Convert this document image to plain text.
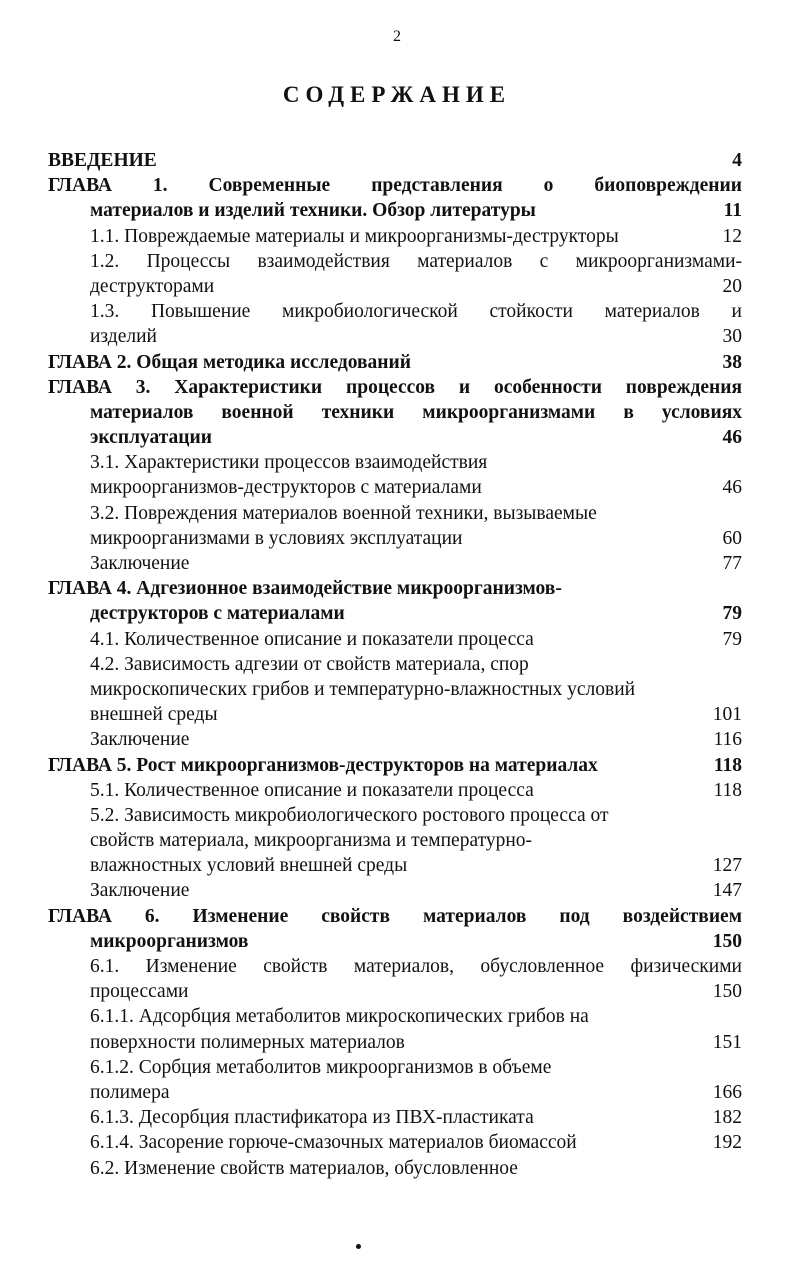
2
СОДЕРЖАНИЕ
ВВЕДЕНИЕ	4
ГЛАВА 1. Современные представления о биоповреждении
материалов и изделий техники. Обзор литературы	11
1.1. Повреждаемые материалы и микроорганизмы-деструкторы	12
1.2. Процессы взаимодействия материалов с микроорганизмами-
деструкторами	20
1.3. Повышение микробиологической стойкости материалов и
изделий	30
ГЛАВА 2. Общая методика исследований	38
ГЛАВА 3. Характеристики процессов и особенности повреждения
материалов военной техники микроорганизмами в условиях
эксплуатации	46
3.1. Характеристики процессов взаимодействия
микроорганизмов-деструкторов с материалами	46
3.2. Повреждения материалов военной техники, вызываемые
микроорганизмами в условиях эксплуатации	60
Заключение	77
ГЛАВА 4. Адгезионное взаимодействие микроорганизмов-
деструкторов с материалами	79
4.1. Количественное описание и показатели процесса	79
4.2. Зависимость адгезии от свойств материала, спор
микроскопических грибов и температурно-влажностных условий
внешней среды	101
Заключение	116
ГЛАВА 5. Рост микроорганизмов-деструкторов на материалах	118
5.1. Количественное описание и показатели процесса	118
5.2. Зависимость микробиологического ростового процесса от
свойств материала, микроорганизма и температурно-
влажностных условий внешней среды	127
Заключение	147
ГЛАВА 6. Изменение свойств материалов под воздействием
микроорганизмов	150
6.1. Изменение свойств материалов, обусловленное физическими
процессами	150
6.1.1. Адсорбция метаболитов микроскопических грибов на
поверхности полимерных материалов	151
6.1.2. Сорбция метаболитов микроорганизмов в объеме
полимера	166
6.1.3. Десорбция пластификатора из ПВХ-пластиката	182
6.1.4. Засорение горюче-смазочных материалов биомассой	192
6.2. Изменение свойств материалов, обусловленное
